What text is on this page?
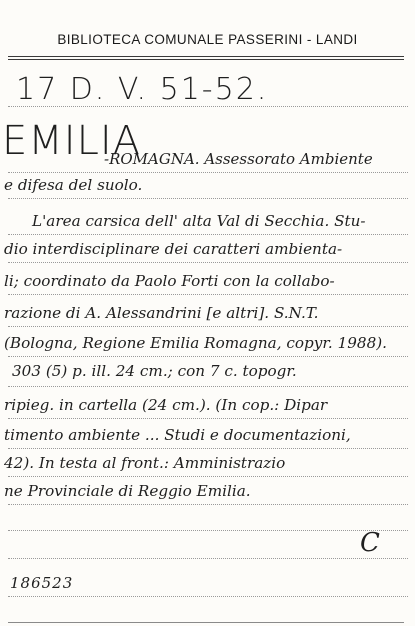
BIBLIOTECA COMUNALE PASSERINI - LANDI
17 D. V. 51-52.
EMILIA
-ROMAGNA. Assessorato Ambiente
e difesa del suolo.
L'area carsica dell' alta Val di Secchia. Stu-
dio interdisciplinare dei caratteri ambienta-
li; coordinato da Paolo Forti con la collabo-
razione di A. Alessandrini [e altri]. S.N.T.
(Bologna, Regione Emilia Romagna, copyr. 1988).
303 (5) p. ill. 24 cm.; con 7 c. topogr.
ripieg. in cartella (24 cm.). (In cop.: Dipar
timento ambiente ... Studi e documentazioni,
42). In testa al front.: Amministrazio
ne Provinciale di Reggio Emilia.
C
186523
